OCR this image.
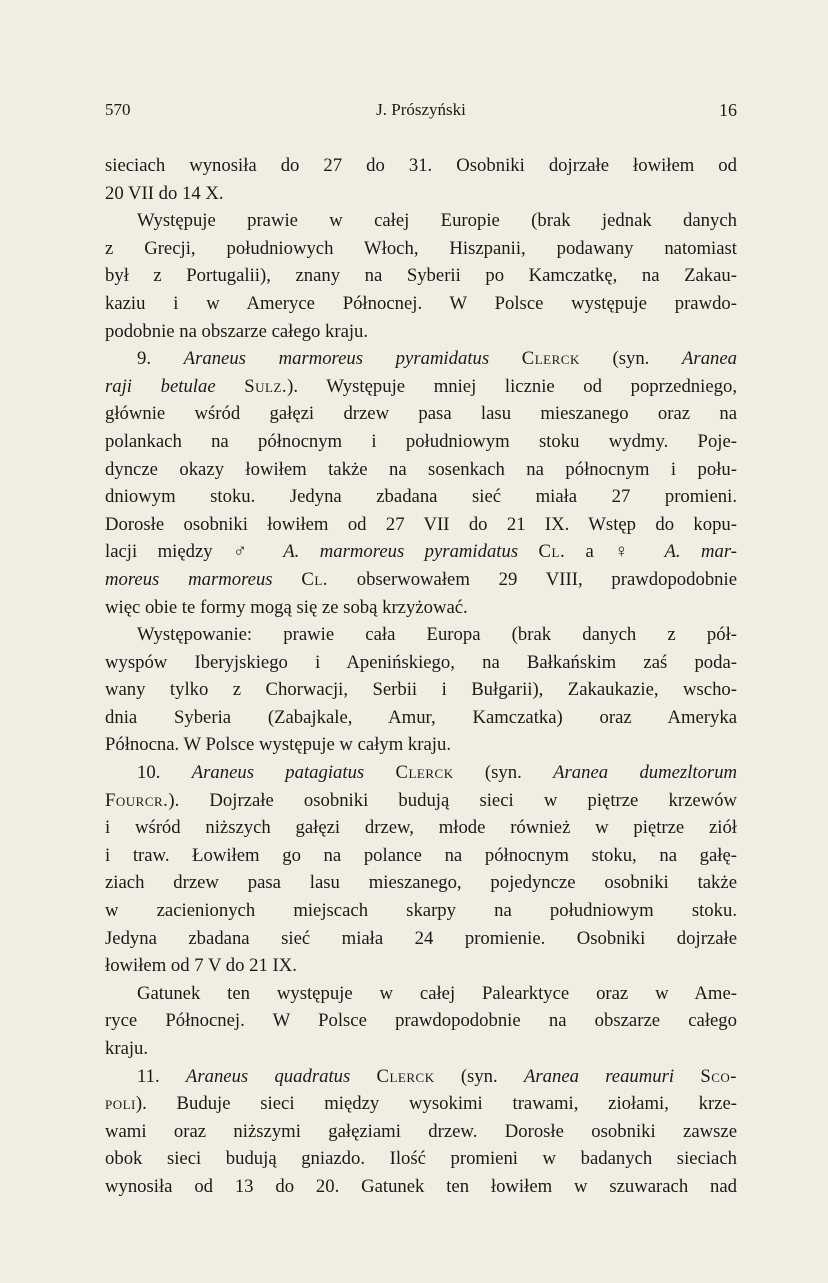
570	J. Prószyński	16
sieciach wynosiła do 27 do 31. Osobniki dojrzałe łowiłem od
20 VII do 14 X.
Występuje prawie w całej Europie (brak jednak danych
z Grecji, południowych Włoch, Hiszpanii, podawany natomiast
był z Portugalii), znany na Syberii po Kamczatkę, na Zakau-
kaziu i w Ameryce Północnej. W Polsce występuje prawdo-
podobnie na obszarze całego kraju.
9. Araneus marmoreus pyramidatus Clerck (syn. Aranea
raji betulae Sulz.). Występuje mniej licznie od poprzedniego,
głównie wśród gałęzi drzew pasa lasu mieszanego oraz na
polankach na północnym i południowym stoku wydmy. Poje-
dyncze okazy łowiłem także na sosenkach na północnym i połu-
dniowym stoku. Jedyna zbadana sieć miała 27 promieni.
Dorosłe osobniki łowiłem od 27 VII do 21 IX. Wstęp do kopu-
lacji między ♂ A. marmoreus pyramidatus Cl. a ♀ A. mar-
moreus marmoreus Cl. obserwowałem 29 VIII, prawdopodobnie
więc obie te formy mogą się ze sobą krzyżować.
Występowanie: prawie cała Europa (brak danych z pół-
wyspów Iberyjskiego i Apenińskiego, na Bałkańskim zaś poda-
wany tylko z Chorwacji, Serbii i Bułgarii), Zakaukazie, wscho-
dnia Syberia (Zabajkale, Amur, Kamczatka) oraz Ameryka
Północna. W Polsce występuje w całym kraju.
10. Araneus patagiatus Clerck (syn. Aranea dumezltorum
Fourcr.). Dojrzałe osobniki budują sieci w piętrze krzewów
i wśród niższych gałęzi drzew, młode również w piętrze ziół
i traw. Łowiłem go na polance na północnym stoku, na gałę-
ziach drzew pasa lasu mieszanego, pojedyncze osobniki także
w zacienionych miejscach skarpy na południowym stoku.
Jedyna zbadana sieć miała 24 promienie. Osobniki dojrzałe
łowiłem od 7 V do 21 IX.
Gatunek ten występuje w całej Palearktyce oraz w Ame-
ryce Północnej. W Polsce prawdopodobnie na obszarze całego
kraju.
11. Araneus quadratus Clerck (syn. Aranea reaumuri Sco-
poli). Buduje sieci między wysokimi trawami, ziołami, krze-
wami oraz niższymi gałęziami drzew. Dorosłe osobniki zawsze
obok sieci budują gniazdo. Ilość promieni w badanych sieciach
wynosiła od 13 do 20. Gatunek ten łowiłem w szuwarach nad
